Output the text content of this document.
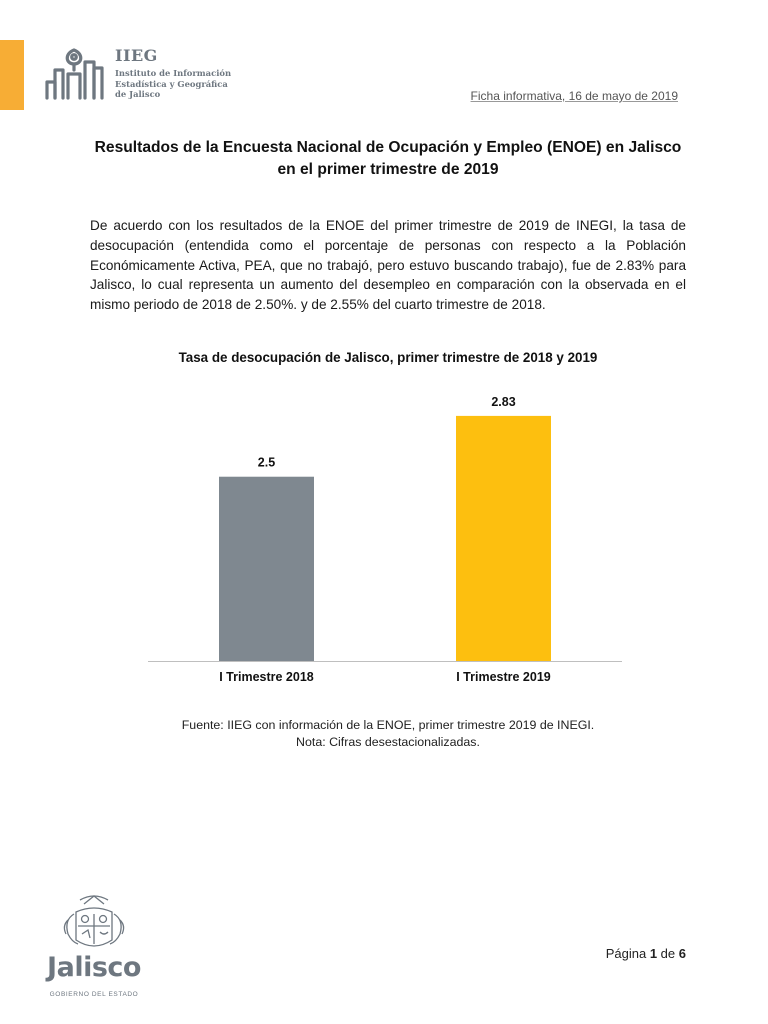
IIEG
Instituto de Información
Estadística y Geográfica
de Jalisco	Ficha informativa, 16 de mayo de 2019
Resultados de la Encuesta Nacional de Ocupación y Empleo (ENOE) en Jalisco en el primer trimestre de 2019
De acuerdo con los resultados de la ENOE del primer trimestre de 2019 de INEGI, la tasa de desocupación (entendida como el porcentaje de personas con respecto a la Población Económicamente Activa, PEA, que no trabajó, pero estuvo buscando trabajo), fue de 2.83% para Jalisco, lo cual representa un aumento del desempleo en comparación con la observada en el mismo periodo de 2018 de 2.50%. y de 2.55% del cuarto trimestre de 2018.
Tasa de desocupación de Jalisco, primer trimestre de 2018 y 2019
2.5
I Trimestre 2018
2.83
I Trimestre 2019
Fuente: IIEG con información de la ENOE, primer trimestre 2019 de INEGI.
Nota: Cifras desestacionalizadas.
Jalisco
GOBIERNO DEL ESTADO
Página 1 de 6
